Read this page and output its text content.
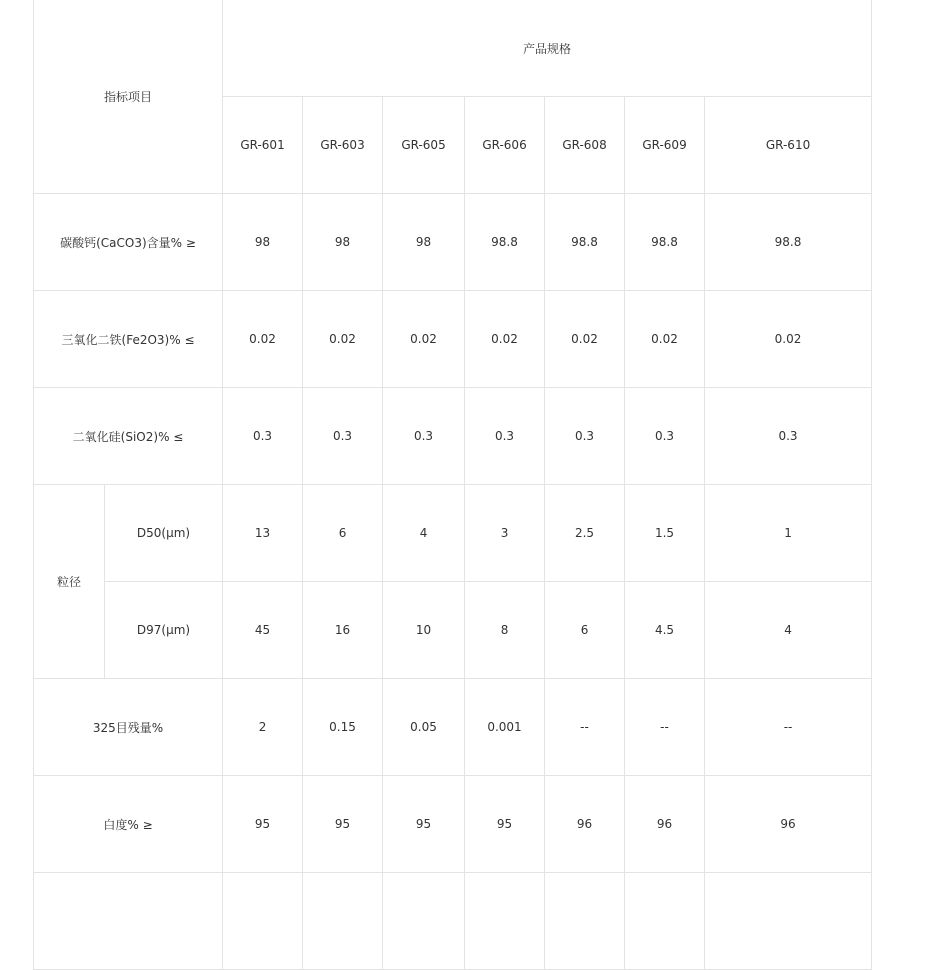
指标项目		产品规格						
		GR-601	GR-603	GR-605	GR-606	GR-608	GR-609	GR-610
碳酸钙(CaCO3)含量% ≥		98	98	98	98.8	98.8	98.8	98.8
三氧化二铁(Fe2O3)% ≤		0.02	0.02	0.02	0.02	0.02	0.02	0.02
二氧化硅(SiO2)% ≤		0.3	0.3	0.3	0.3	0.3	0.3	0.3
粒径	D50(μm)	13	6	4	3	2.5	1.5	1
	D97(μm)	45	16	10	8	6	4.5	4
325目残量%		2	0.15	0.05	0.001	--	--	--
白度% ≥		95	95	95	95	96	96	96
